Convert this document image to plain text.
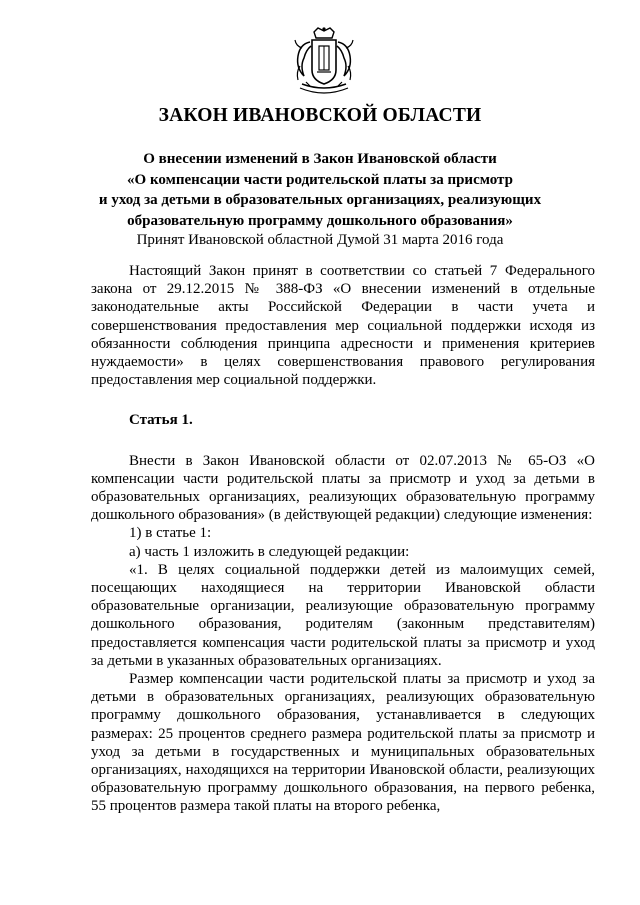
ЗАКОН ИВАНОВСКОЙ ОБЛАСТИ
О внесении изменений в Закон Ивановской области
«О компенсации части родительской платы за присмотр
и уход за детьми в образовательных организациях, реализующих
образовательную программу дошкольного образования»
Принят Ивановской областной Думой 31 марта 2016 года

Настоящий Закон принят в соответствии со статьей 7 Федерального закона от 29.12.2015 № 388-ФЗ «О внесении изменений в отдельные законодательные акты Российской Федерации в части учета и совершенствования предоставления мер социальной поддержки исходя из обязанности соблюдения принципа адресности и применения критериев нуждаемости» в целях совершенствования правового регулирования предоставления мер социальной поддержки.

Статья 1.

Внести в Закон Ивановской области от 02.07.2013 № 65-ОЗ «О компенсации части родительской платы за присмотр и уход за детьми в образовательных организациях, реализующих образовательную программу дошкольного образования» (в действующей редакции) следующие изменения:

1) в статье 1:

а) часть 1 изложить в следующей редакции:

«1. В целях социальной поддержки детей из малоимущих семей, посещающих находящиеся на территории Ивановской области образовательные организации, реализующие образовательную программу дошкольного образования, родителям (законным представителям) предоставляется компенсация части родительской платы за присмотр и уход за детьми в указанных образовательных организациях.

Размер компенсации части родительской платы за присмотр и уход за детьми в образовательных организациях, реализующих образовательную программу дошкольного образования, устанавливается в следующих размерах: 25 процентов среднего размера родительской платы за присмотр и уход за детьми в государственных и муниципальных образовательных организациях, находящихся на территории Ивановской области, реализующих образовательную программу дошкольного образования, на первого ребенка, 55 процентов размера такой платы на второго ребенка,
